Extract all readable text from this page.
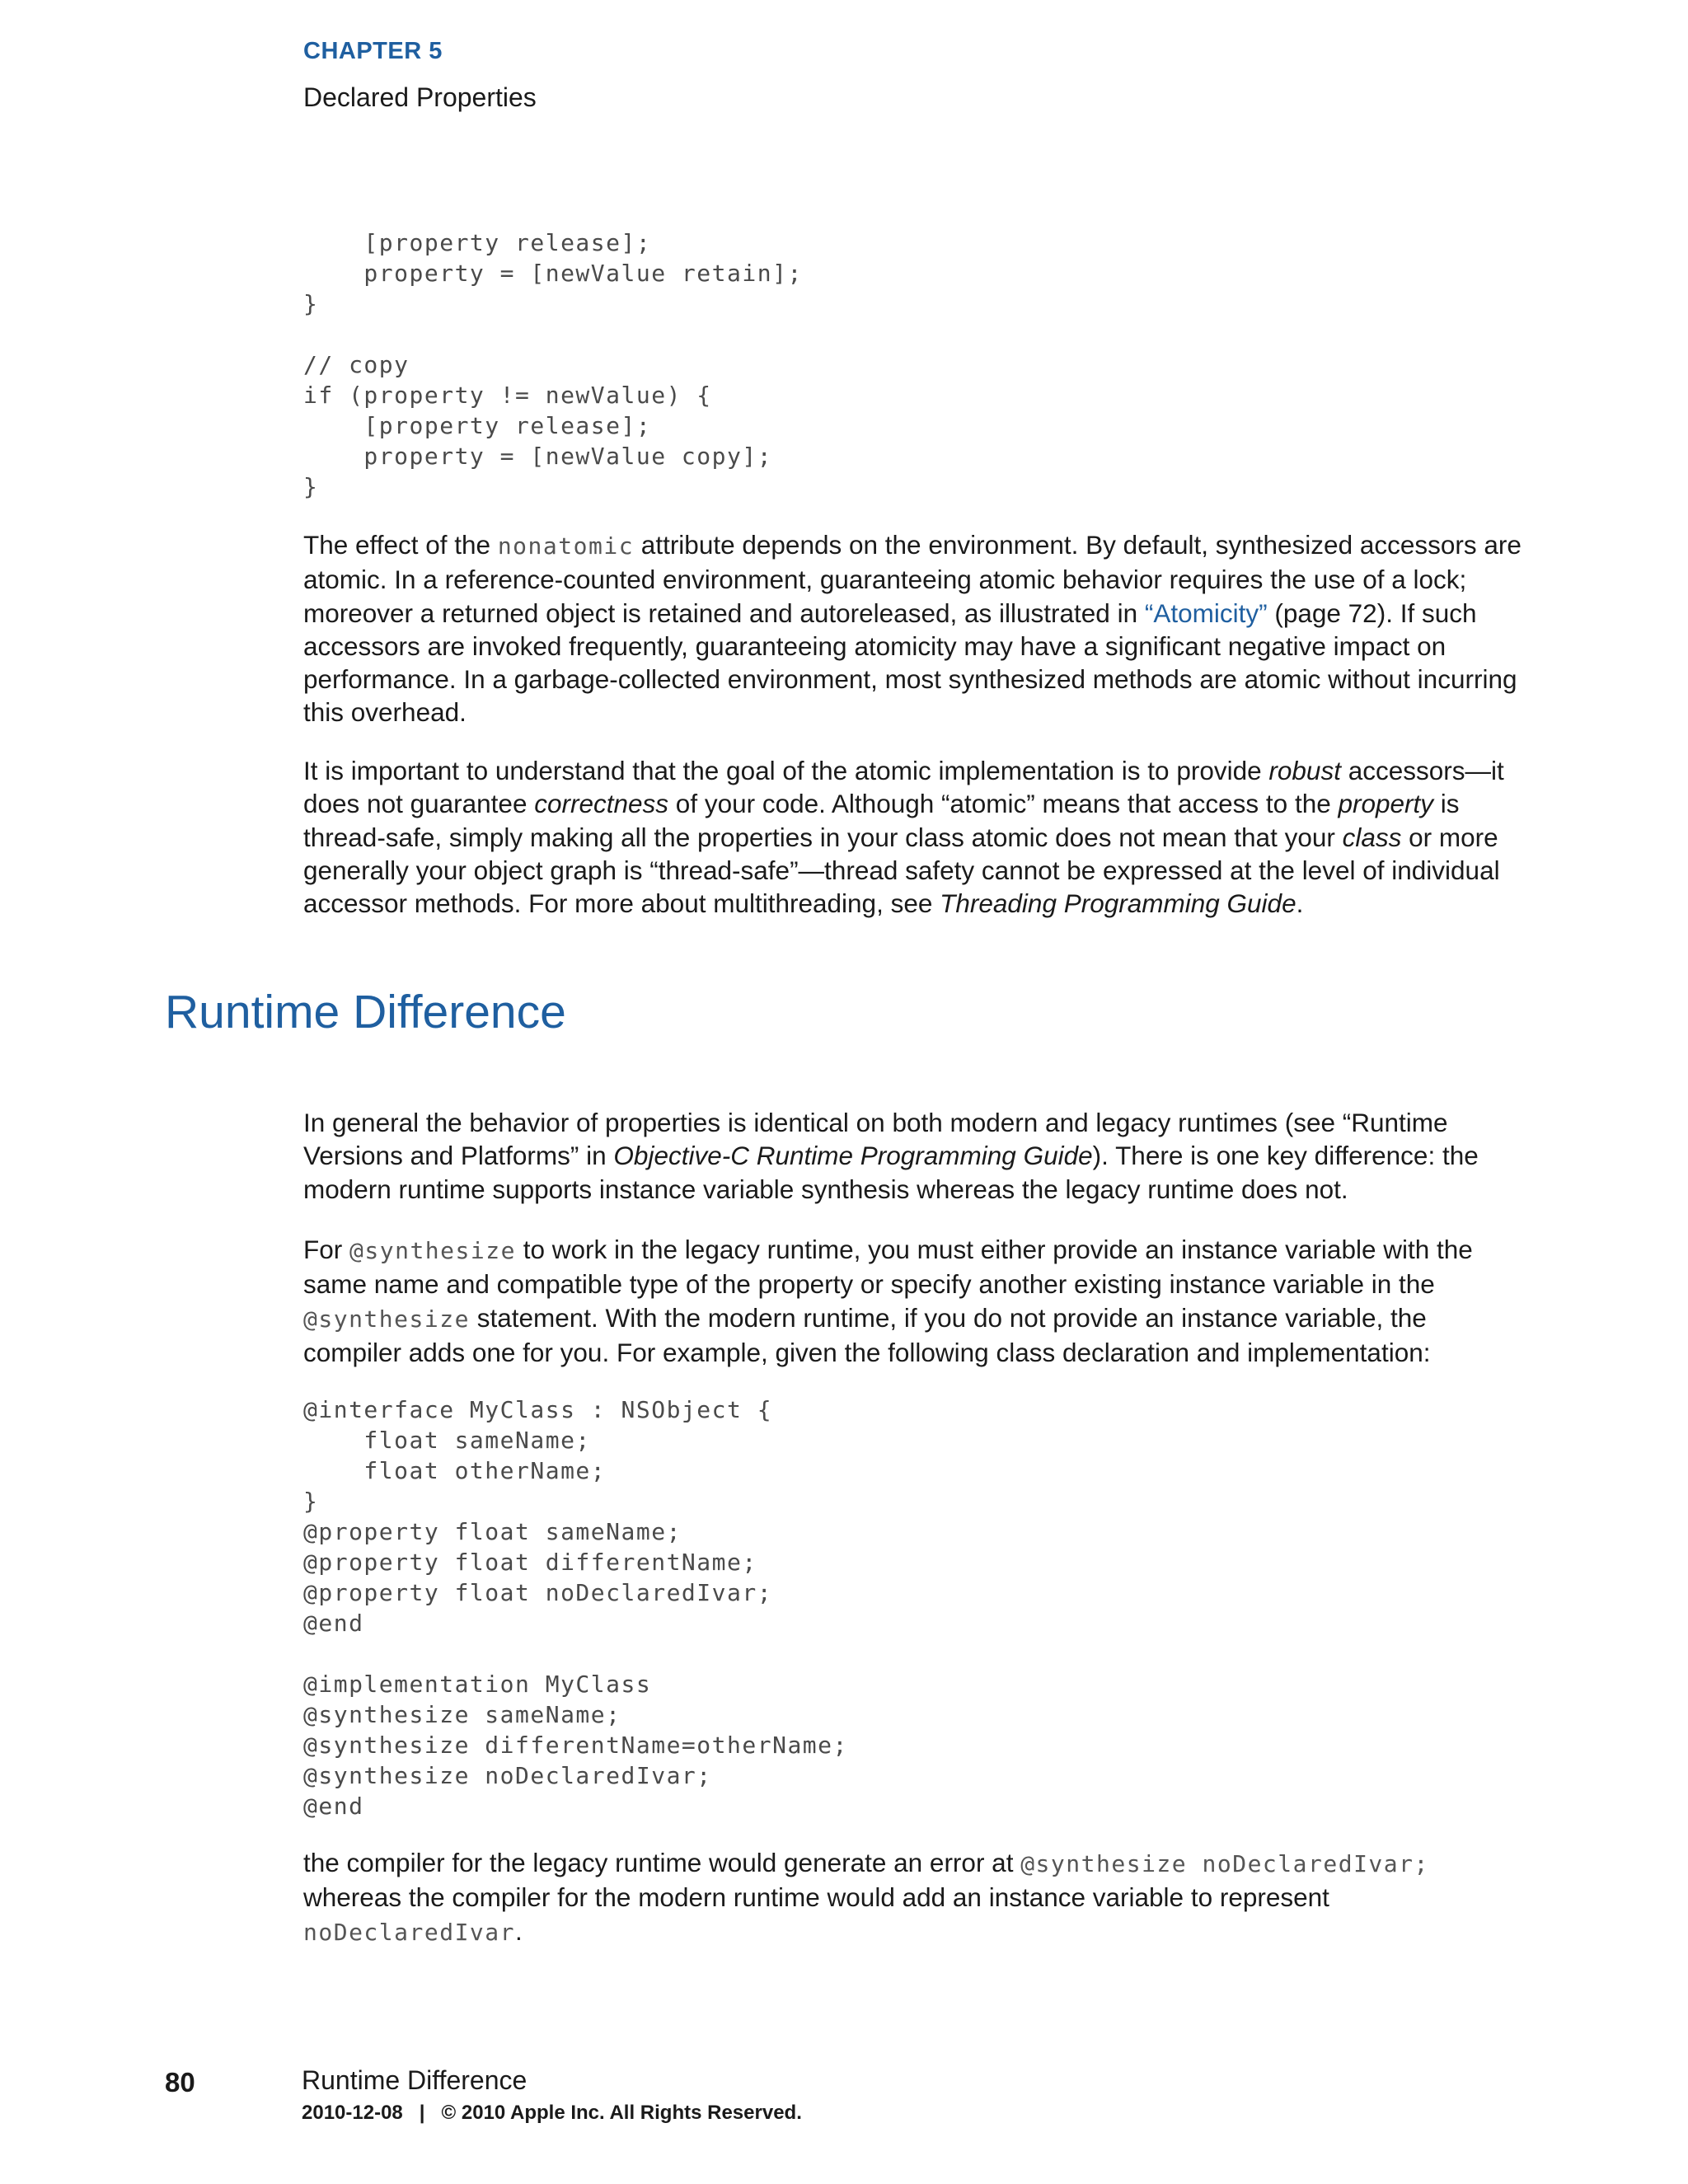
CHAPTER 5
Declared Properties
[property release];
property = [newValue retain];
}

// copy
if (property != newValue) {
[property release];
property = [newValue copy];
}

The effect of the nonatomic attribute depends on the environment. By default, synthesized accessors are atomic. In a reference-counted environment, guaranteeing atomic behavior requires the use of a lock; moreover a returned object is retained and autoreleased, as illustrated in “Atomicity” (page 72). If such accessors are invoked frequently, guaranteeing atomicity may have a significant negative impact on performance. In a garbage-collected environment, most synthesized methods are atomic without incurring this overhead.

It is important to understand that the goal of the atomic implementation is to provide robust accessors—it does not guarantee correctness of your code. Although “atomic” means that access to the property is thread-safe, simply making all the properties in your class atomic does not mean that your class or more generally your object graph is “thread-safe”—thread safety cannot be expressed at the level of individual accessor methods. For more about multithreading, see Threading Programming Guide.

Runtime Difference

In general the behavior of properties is identical on both modern and legacy runtimes (see “Runtime Versions and Platforms” in Objective-C Runtime Programming Guide). There is one key difference: the modern runtime supports instance variable synthesis whereas the legacy runtime does not.

For @synthesize to work in the legacy runtime, you must either provide an instance variable with the same name and compatible type of the property or specify another existing instance variable in the @synthesize statement. With the modern runtime, if you do not provide an instance variable, the compiler adds one for you. For example, given the following class declaration and implementation:

@interface MyClass : NSObject {
float sameName;
float otherName;
}
@property float sameName;
@property float differentName;
@property float noDeclaredIvar;
@end

@implementation MyClass
@synthesize sameName;
@synthesize differentName=otherName;
@synthesize noDeclaredIvar;
@end

the compiler for the legacy runtime would generate an error at @synthesize noDeclaredIvar; whereas the compiler for the modern runtime would add an instance variable to represent noDeclaredIvar.

80	Runtime Difference
2010-12-08   |   © 2010 Apple Inc. All Rights Reserved.
